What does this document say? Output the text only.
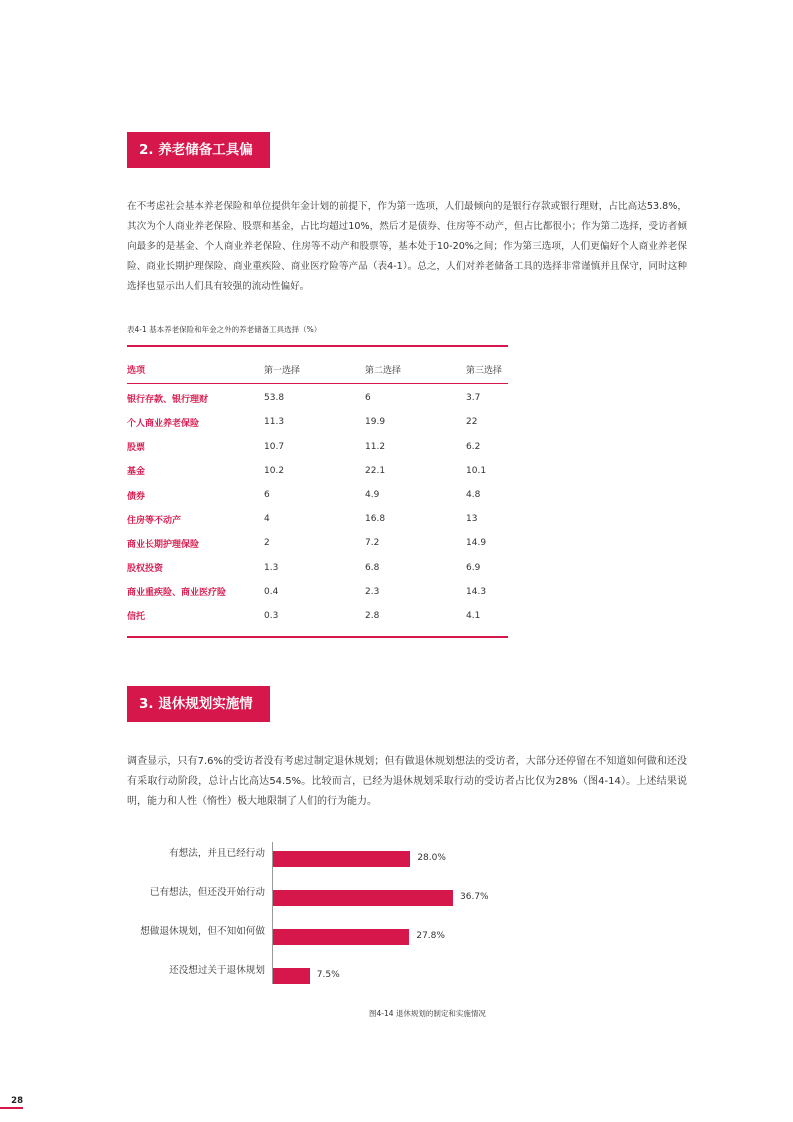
2. 养老储备工具偏好

在不考虑社会基本养老保险和单位提供年金计划的前提下，作为第一选项，人们最倾向的是银行存款或银行理财，占比高达53.8%，其次为个人商业养老保险、股票和基金，占比均超过10%，然后才是债券、住房等不动产，但占比都很小；作为第二选择，受访者倾向最多的是基金、个人商业养老保险、住房等不动产和股票等，基本处于10-20%之间；作为第三选项，人们更偏好个人商业养老保险、商业长期护理保险、商业重疾险、商业医疗险等产品（表4-1）。总之，人们对养老储备工具的选择非常谨慎并且保守，同时这种选择也显示出人们具有较强的流动性偏好。

表4-1 基本养老保险和年金之外的养老储备工具选择（%）
选项	第一选择	第二选择	第三选择
银行存款、银行理财	53.8	6	3.7
个人商业养老保险	11.3	19.9	22
股票	10.7	11.2	6.2
基金	10.2	22.1	10.1
债券	6	4.9	4.8
住房等不动产	4	16.8	13
商业长期护理保险	2	7.2	14.9
股权投资	1.3	6.8	6.9
商业重疾险、商业医疗险	0.4	2.3	14.3
信托	0.3	2.8	4.1
3. 退休规划实施情况

调查显示，只有7.6%的受访者没有考虑过制定退休规划；但有做退休规划想法的受访者，大部分还停留在不知道如何做和还没有采取行动阶段，总计占比高达54.5%。比较而言，已经为退休规划采取行动的受访者占比仅为28%（图4-14）。上述结果说明，能力和人性（惰性）极大地限制了人们的行为能力。

有想法，并且已经行动	28.0%
已有想法，但还没开始行动	36.7%
想做退休规划，但不知如何做	27.8%
还没想过关于退休规划	7.5%
图4-14 退休规划的制定和实施情况
28
